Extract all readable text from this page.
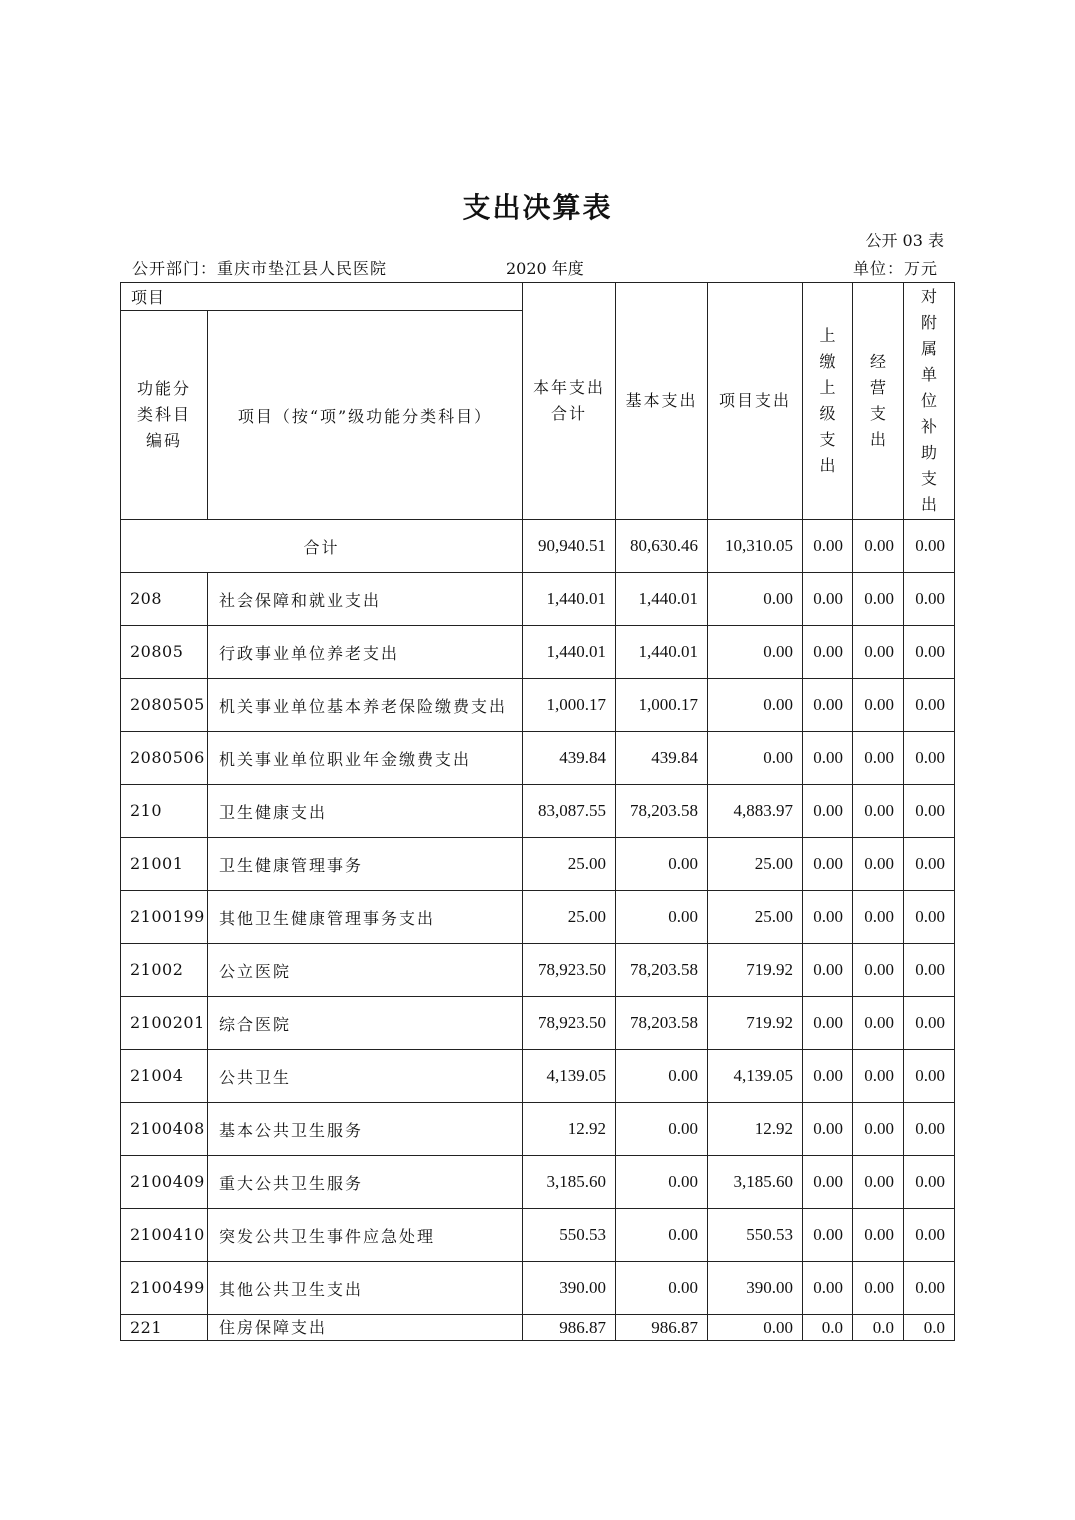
支出决算表
公开 03 表
公开部门：重庆市垫江县人民医院	2020 年度	单位：万元
项目		本年支出合计	基本支出	项目支出	上缴上级支出	经营支出	对附属单位补助支出

功能分类科目编码	项目（按“项”级功能分类科目）						
合计		90,940.51	80,630.46	10,310.05	0.00	0.00	0.00
208	社会保障和就业支出	1,440.01	1,440.01	0.00	0.00	0.00	0.00
20805	行政事业单位养老支出	1,440.01	1,440.01	0.00	0.00	0.00	0.00
2080505	机关事业单位基本养老保险缴费支出	1,000.17	1,000.17	0.00	0.00	0.00	0.00
2080506	机关事业单位职业年金缴费支出	439.84	439.84	0.00	0.00	0.00	0.00
210	卫生健康支出	83,087.55	78,203.58	4,883.97	0.00	0.00	0.00
21001	卫生健康管理事务	25.00	0.00	25.00	0.00	0.00	0.00
2100199	其他卫生健康管理事务支出	25.00	0.00	25.00	0.00	0.00	0.00
21002	公立医院	78,923.50	78,203.58	719.92	0.00	0.00	0.00
2100201	综合医院	78,923.50	78,203.58	719.92	0.00	0.00	0.00
21004	公共卫生	4,139.05	0.00	4,139.05	0.00	0.00	0.00
2100408	基本公共卫生服务	12.92	0.00	12.92	0.00	0.00	0.00
2100409	重大公共卫生服务	3,185.60	0.00	3,185.60	0.00	0.00	0.00
2100410	突发公共卫生事件应急处理	550.53	0.00	550.53	0.00	0.00	0.00
2100499	其他公共卫生支出	390.00	0.00	390.00	0.00	0.00	0.00
221	住房保障支出	986.87	986.87	0.00	0.0	0.0	0.0
